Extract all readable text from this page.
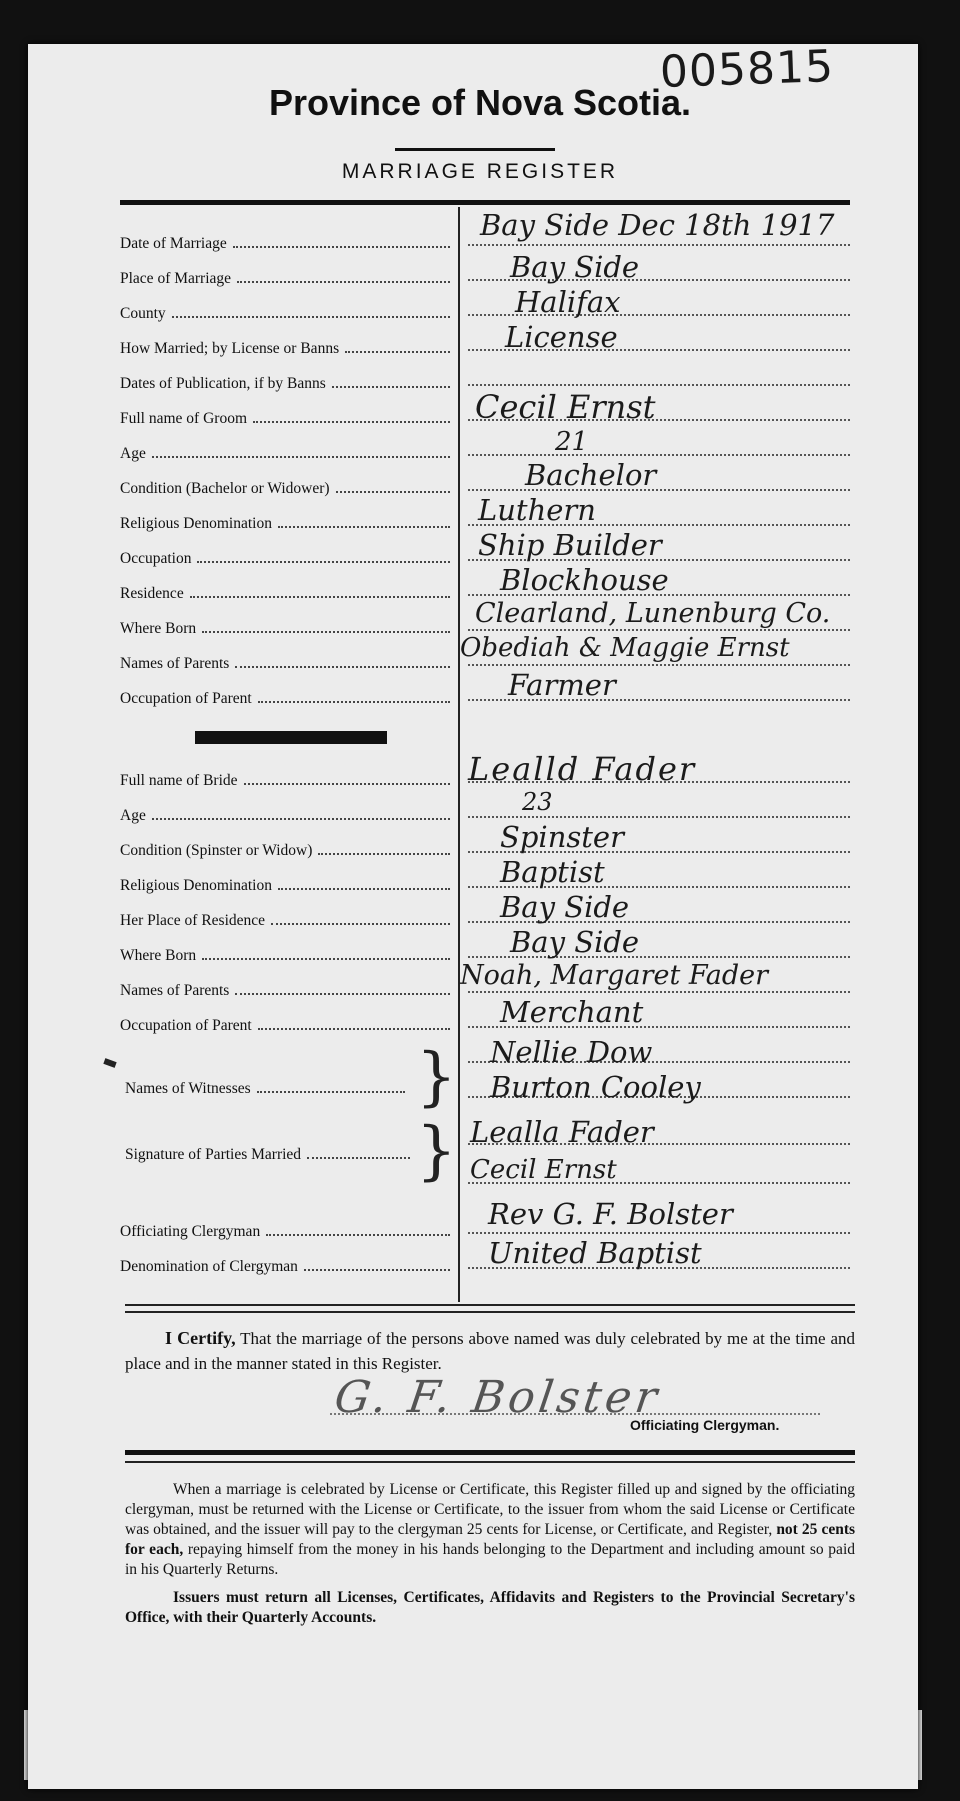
005815
Province of Nova Scotia.
MARRIAGE REGISTER
Date of Marriage
Place of Marriage
County
How Married; by License or Banns
Dates of Publication, if by Banns
Full name of Groom
Age
Condition (Bachelor or Widower)
Religious Denomination
Occupation
Residence
Where Born
Names of Parents
Occupation of Parent
Full name of Bride
Age
Condition (Spinster or Widow)
Religious Denomination
Her Place of Residence
Where Born
Names of Parents
Occupation of Parent
Names of Witnesses	}
Signature of Parties Married }
Officiating Clergyman
Denomination of Clergyman
Bay Side Dec 18th 1917
Bay Side
Halifax
License
Cecil Ernst
21
Bachelor
Luthern
Ship Builder
Blockhouse
Clearland, Lunenburg Co.
Obediah & Maggie Ernst
Farmer
Lealld Fader
23
Spinster
Baptist
Bay Side
Bay Side
Noah, Margaret Fader
Merchant
Nellie Dow
Burton Cooley
Lealla Fader
Cecil Ernst
Rev G. F. Bolster
United Baptist
I Certify, That the marriage of the persons above named was duly celebrated by me at the time and place and in the manner stated in this Register.
G. F. Bolster
Officiating Clergyman.
When a marriage is celebrated by License or Certificate, this Register filled up and signed by the officiating clergyman, must be returned with the License or Certificate, to the issuer from whom the said License or Certificate was obtained, and the issuer will pay to the clergyman 25 cents for License, or Certificate, and Register, not 25 cents for each, repaying himself from the money in his hands belonging to the Department and including amount so paid in his Quarterly Returns.
Issuers must return all Licenses, Certificates, Affidavits and Registers to the Provincial Secretary's Office, with their Quarterly Accounts.
